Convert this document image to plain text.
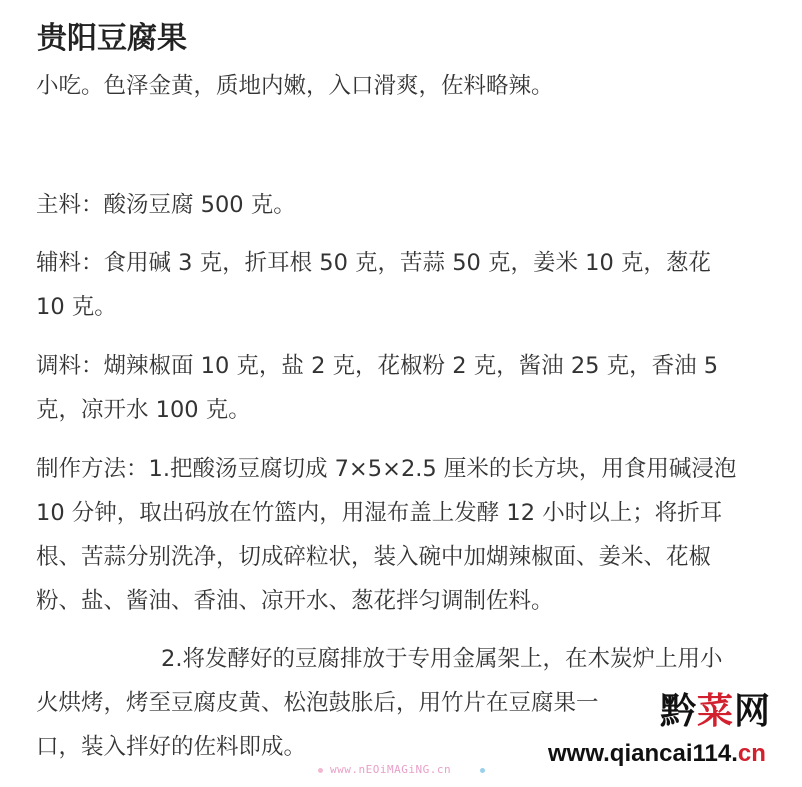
贵阳豆腐果
小吃。色泽金黄，质地内嫩，入口滑爽，佐料略辣。
主料：酸汤豆腐 500 克。
辅料：食用碱 3 克，折耳根 50 克，苦蒜 50 克，姜米 10 克，葱花
10 克。
调料：煳辣椒面 10 克，盐 2 克，花椒粉 2 克，酱油 25 克，香油 5
克，凉开水 100 克。
制作方法：1.把酸汤豆腐切成 7×5×2.5 厘米的长方块，用食用碱浸泡
10 分钟，取出码放在竹篮内，用湿布盖上发酵 12 小时以上；将折耳
根、苦蒜分别洗净，切成碎粒状，装入碗中加煳辣椒面、姜米、花椒
粉、盐、酱油、香油、凉开水、葱花拌匀调制佐料。
2.将发酵好的豆腐排放于专用金属架上，在木炭炉上用小
火烘烤，烤至豆腐皮黄、松泡鼓胀后，用竹片在豆腐果一
口，装入拌好的佐料即成。
黔菜网
www.qiancai114.cn
www.nEOiMAGiNG.cn
